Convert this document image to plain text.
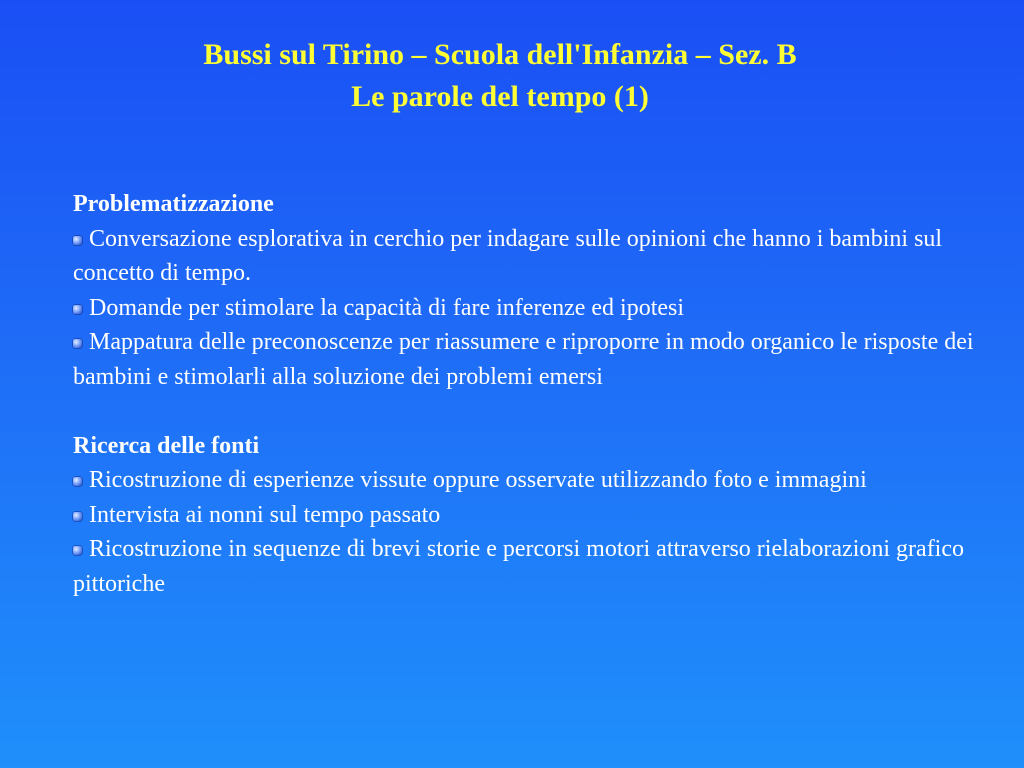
Bussi sul Tirino – Scuola dell'Infanzia – Sez. B

Le parole del tempo (1)
Problematizzazione
Conversazione esplorativa in cerchio per indagare sulle opinioni che hanno i bambini sul concetto di tempo.
Domande per stimolare la capacità di fare inferenze ed ipotesi
Mappatura delle preconoscenze per riassumere e riproporre in modo organico le risposte dei bambini e stimolarli alla soluzione dei problemi emersi
Ricerca delle fonti
Ricostruzione di esperienze vissute oppure osservate utilizzando foto e immagini
Intervista ai nonni sul tempo passato
Ricostruzione in sequenze di brevi storie e percorsi motori attraverso rielaborazioni grafico pittoriche
